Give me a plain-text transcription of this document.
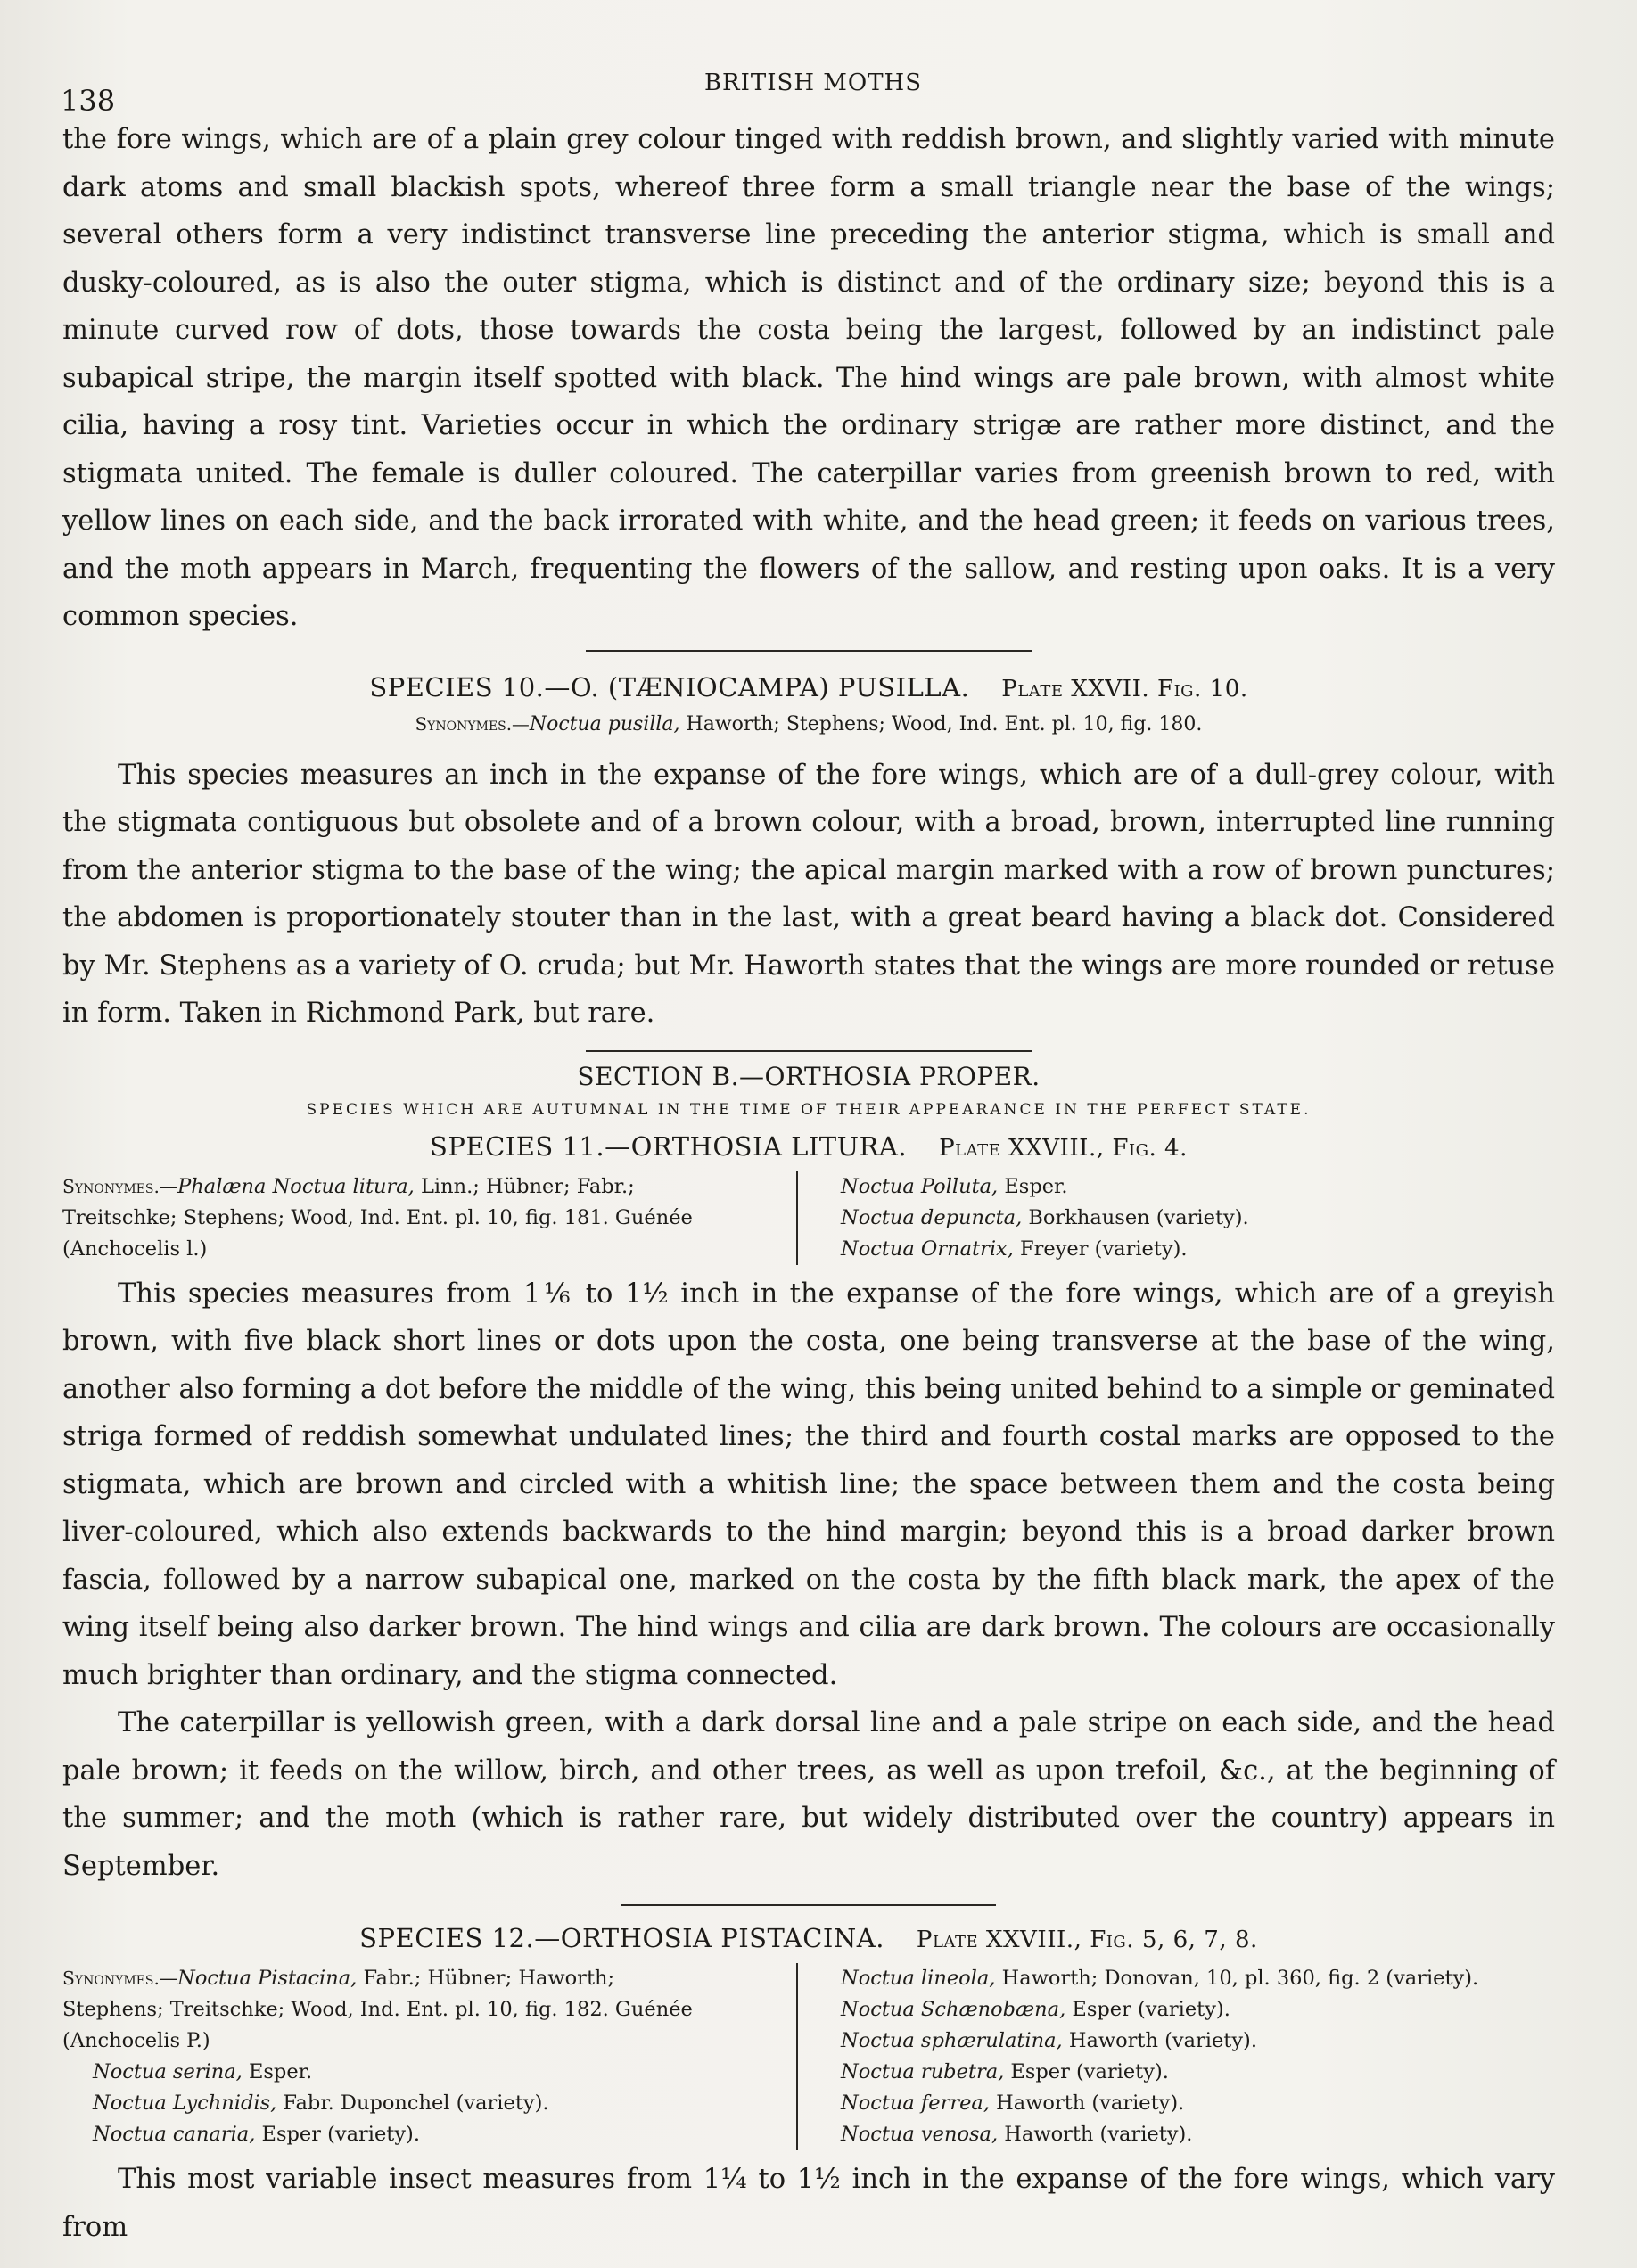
138
BRITISH MOTHS

the fore wings, which are of a plain grey colour tinged with reddish brown, and slightly varied with minute dark atoms and small blackish spots, whereof three form a small triangle near the base of the wings; several others form a very indistinct transverse line preceding the anterior stigma, which is small and dusky-coloured, as is also the outer stigma, which is distinct and of the ordinary size; beyond this is a minute curved row of dots, those towards the costa being the largest, followed by an indistinct pale subapical stripe, the margin itself spotted with black. The hind wings are pale brown, with almost white cilia, having a rosy tint. Varieties occur in which the ordinary strigæ are rather more distinct, and the stigmata united. The female is duller coloured. The caterpillar varies from greenish brown to red, with yellow lines on each side, and the back irrorated with white, and the head green; it feeds on various trees, and the moth appears in March, frequenting the flowers of the sallow, and resting upon oaks. It is a very common species.

SPECIES 10.—O. (TÆNIOCAMPA) PUSILLA. Plate XXVII. Fig. 10.

Synonymes.—Noctua pusilla, Haworth; Stephens; Wood, Ind. Ent. pl. 10, fig. 180.

This species measures an inch in the expanse of the fore wings, which are of a dull-grey colour, with the stigmata contiguous but obsolete and of a brown colour, with a broad, brown, interrupted line running from the anterior stigma to the base of the wing; the apical margin marked with a row of brown punctures; the abdomen is proportionately stouter than in the last, with a great beard having a black dot. Considered by Mr. Stephens as a variety of O. cruda; but Mr. Haworth states that the wings are more rounded or retuse in form. Taken in Richmond Park, but rare.

SECTION B.—ORTHOSIA PROPER.

SPECIES WHICH ARE AUTUMNAL IN THE TIME OF THEIR APPEARANCE IN THE PERFECT STATE.

SPECIES 11.—ORTHOSIA LITURA. Plate XXVIII., Fig. 4.

Synonymes.—Phalæna Noctua litura, Linn.; Hübner; Fabr.;
Treitschke; Stephens; Wood, Ind. Ent. pl. 10, fig. 181. Guénée
(Anchocelis l.)
Noctua Polluta, Esper.
Noctua depuncta, Borkhausen (variety).
Noctua Ornatrix, Freyer (variety).

This species measures from 1⅙ to 1½ inch in the expanse of the fore wings, which are of a greyish brown, with five black short lines or dots upon the costa, one being transverse at the base of the wing, another also forming a dot before the middle of the wing, this being united behind to a simple or geminated striga formed of reddish somewhat undulated lines; the third and fourth costal marks are opposed to the stigmata, which are brown and circled with a whitish line; the space between them and the costa being liver-coloured, which also extends backwards to the hind margin; beyond this is a broad darker brown fascia, followed by a narrow subapical one, marked on the costa by the fifth black mark, the apex of the wing itself being also darker brown. The hind wings and cilia are dark brown. The colours are occasionally much brighter than ordinary, and the stigma connected.

The caterpillar is yellowish green, with a dark dorsal line and a pale stripe on each side, and the head pale brown; it feeds on the willow, birch, and other trees, as well as upon trefoil, &c., at the beginning of the summer; and the moth (which is rather rare, but widely distributed over the country) appears in September.

SPECIES 12.—ORTHOSIA PISTACINA. Plate XXVIII., Fig. 5, 6, 7, 8.

Synonymes.—Noctua Pistacina, Fabr.; Hübner; Haworth;
Stephens; Treitschke; Wood, Ind. Ent. pl. 10, fig. 182. Guénée
(Anchocelis P.)
Noctua serina, Esper.
Noctua Lychnidis, Fabr. Duponchel (variety).
Noctua canaria, Esper (variety).
Noctua lineola, Haworth; Donovan, 10, pl. 360, fig. 2 (variety).
Noctua Schænobæna, Esper (variety).
Noctua sphærulatina, Haworth (variety).
Noctua rubetra, Esper (variety).
Noctua ferrea, Haworth (variety).
Noctua venosa, Haworth (variety).

This most variable insect measures from 1¼ to 1½ inch in the expanse of the fore wings, which vary from
